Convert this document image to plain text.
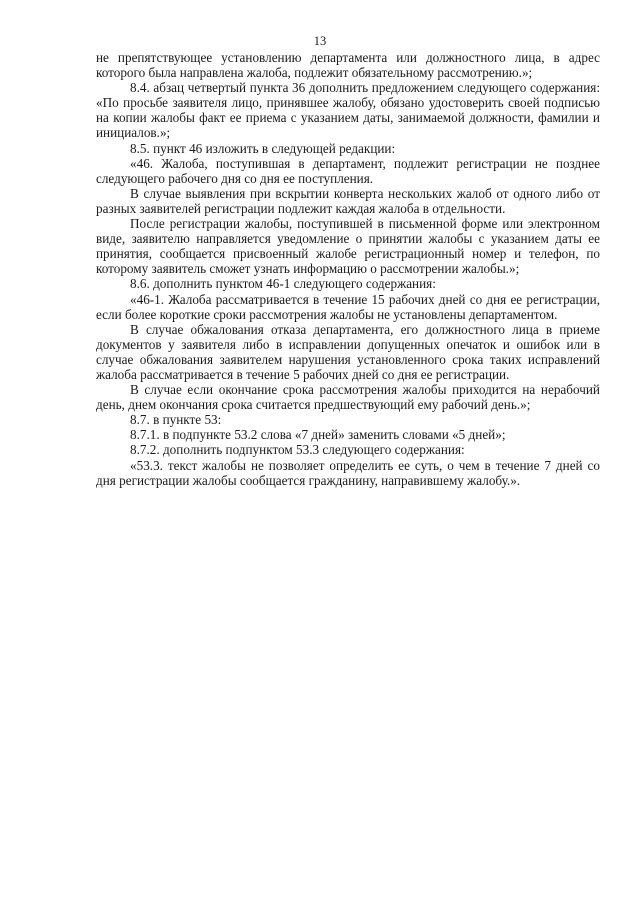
13

не препятствующее установлению департамента или должностного лица, в адрес которого была направлена жалоба, подлежит обязательному рассмотрению.»;

8.4. абзац четвертый пункта 36 дополнить предложением следующего содержания: «По просьбе заявителя лицо, принявшее жалобу, обязано удостоверить своей подписью на копии жалобы факт ее приема с указанием даты, занимаемой должности, фамилии и инициалов.»;

8.5. пункт 46 изложить в следующей редакции:

«46. Жалоба, поступившая в департамент, подлежит регистрации не позднее следующего рабочего дня со дня ее поступления.

В случае выявления при вскрытии конверта нескольких жалоб от одного либо от разных заявителей регистрации подлежит каждая жалоба в отдельности.

После регистрации жалобы, поступившей в письменной форме или электронном виде, заявителю направляется уведомление о принятии жалобы с указанием даты ее принятия, сообщается присвоенный жалобе регистрационный номер и телефон, по которому заявитель сможет узнать информацию о рассмотрении жалобы.»;

8.6. дополнить пунктом 46-1 следующего содержания:

«46-1. Жалоба рассматривается в течение 15 рабочих дней со дня ее регистрации, если более короткие сроки рассмотрения жалобы не установлены департаментом.

В случае обжалования отказа департамента, его должностного лица в приеме документов у заявителя либо в исправлении допущенных опечаток и ошибок или в случае обжалования заявителем нарушения установленного срока таких исправлений жалоба рассматривается в течение 5 рабочих дней со дня ее регистрации.

В случае если окончание срока рассмотрения жалобы приходится на нерабочий день, днем окончания срока считается предшествующий ему рабочий день.»;

8.7. в пункте 53:

8.7.1. в подпункте 53.2 слова «7 дней» заменить словами «5 дней»;

8.7.2. дополнить подпунктом 53.3 следующего содержания:

«53.3. текст жалобы не позволяет определить ее суть, о чем в течение 7 дней со дня регистрации жалобы сообщается гражданину, направившему жалобу.».
